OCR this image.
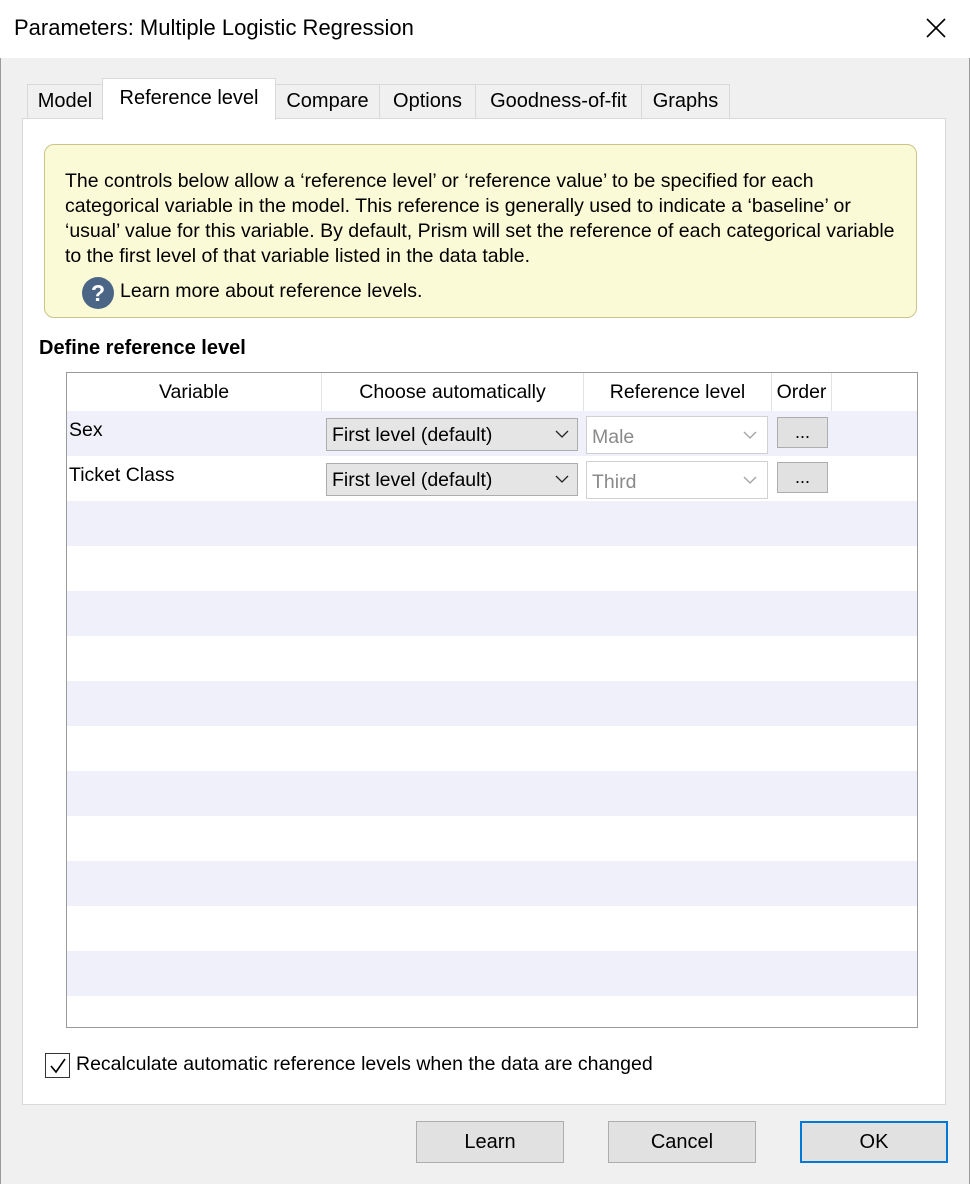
Parameters: Multiple Logistic Regression
Model Reference level Compare Options Goodness-of-fit Graphs

The controls below allow a ‘reference level’ or ‘reference value’ to be specified for each categorical variable in the model. This reference is generally used to indicate a ‘baseline’ or ‘usual’ value for this variable. By default, Prism will set the reference of each categorical variable to the first level of that variable listed in the data table.

? Learn more about reference levels.
Define reference level
Variable	Choose automatically	Reference level	Order
Sex	First level (default)	Male	...
Ticket Class	First level (default)	Third	...
Recalculate automatic reference levels when the data are changed
Learn	Cancel	OK
